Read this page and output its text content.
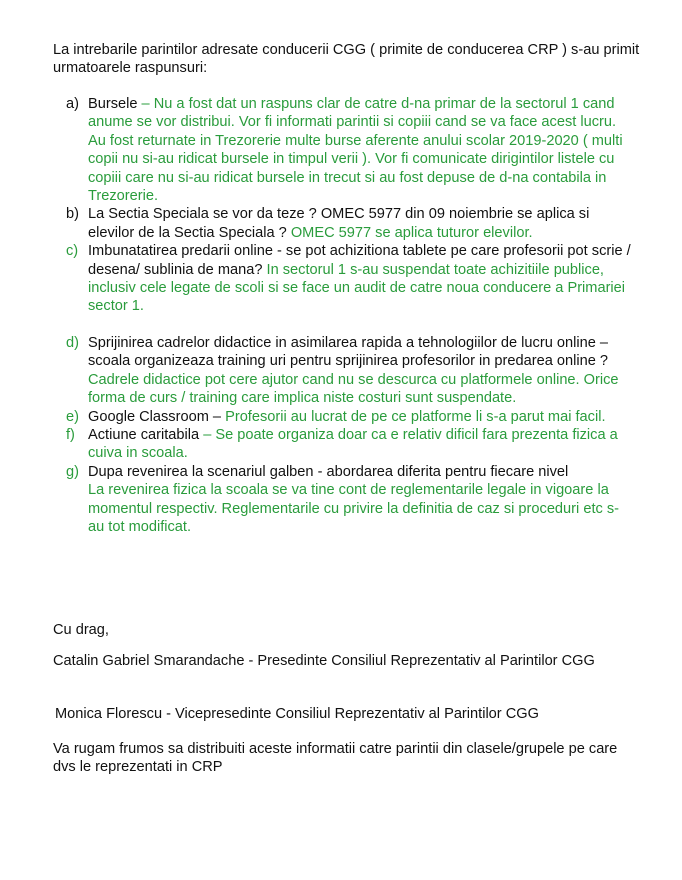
La intrebarile parintilor adresate conducerii CGG ( primite de conducerea CRP ) s-au primit urmatoarele raspunsuri:
a) Bursele – Nu a fost dat un raspuns clar de catre d-na primar de la sectorul 1 cand anume se vor distribui. Vor fi informati parintii si copiii cand se va face acest lucru. Au fost returnate in Trezorerie multe burse aferente anului scolar 2019-2020 ( multi copii nu si-au ridicat bursele in timpul verii ). Vor fi comunicate dirigintilor listele cu copiii care nu si-au ridicat bursele in trecut si au fost depuse de d-na contabila in Trezorerie.
b) La Sectia Speciala se vor da teze ? OMEC 5977 din 09 noiembrie se aplica si elevilor de la Sectia Speciala ? OMEC 5977 se aplica tuturor elevilor.
c) Imbunatatirea predarii online - se pot achizitiona tablete pe care profesorii pot scrie / desena/ sublinia de mana? In sectorul 1 s-au suspendat toate achizitiile publice, inclusiv cele legate de scoli si se face un audit de catre noua conducere a Primariei sector 1.
d) Sprijinirea cadrelor didactice in asimilarea rapida a tehnologiilor de lucru online – scoala organizeaza training uri pentru sprijinirea profesorilor in predarea online ? Cadrele didactice pot cere ajutor cand nu se descurca cu platformele online. Orice forma de curs / training care implica niste costuri sunt suspendate.
e) Google Classroom – Profesorii au lucrat de pe ce platforme li s-a parut mai facil.
f) Actiune caritabila – Se poate organiza doar ca e relativ dificil fara prezenta fizica a cuiva in scoala.
g) Dupa revenirea la scenariul galben - abordarea diferita pentru fiecare nivel
La revenirea fizica la scoala se va tine cont de reglementarile legale in vigoare la momentul respectiv. Reglementarile cu privire la definitia de caz si proceduri etc s-au tot modificat.
Cu drag,
Catalin Gabriel Smarandache - Presedinte Consiliul Reprezentativ al Parintilor CGG
Monica Florescu - Vicepresedinte Consiliul Reprezentativ al Parintilor CGG
Va rugam frumos sa distribuiti aceste informatii catre parintii din clasele/grupele pe care dvs le reprezentati in CRP
